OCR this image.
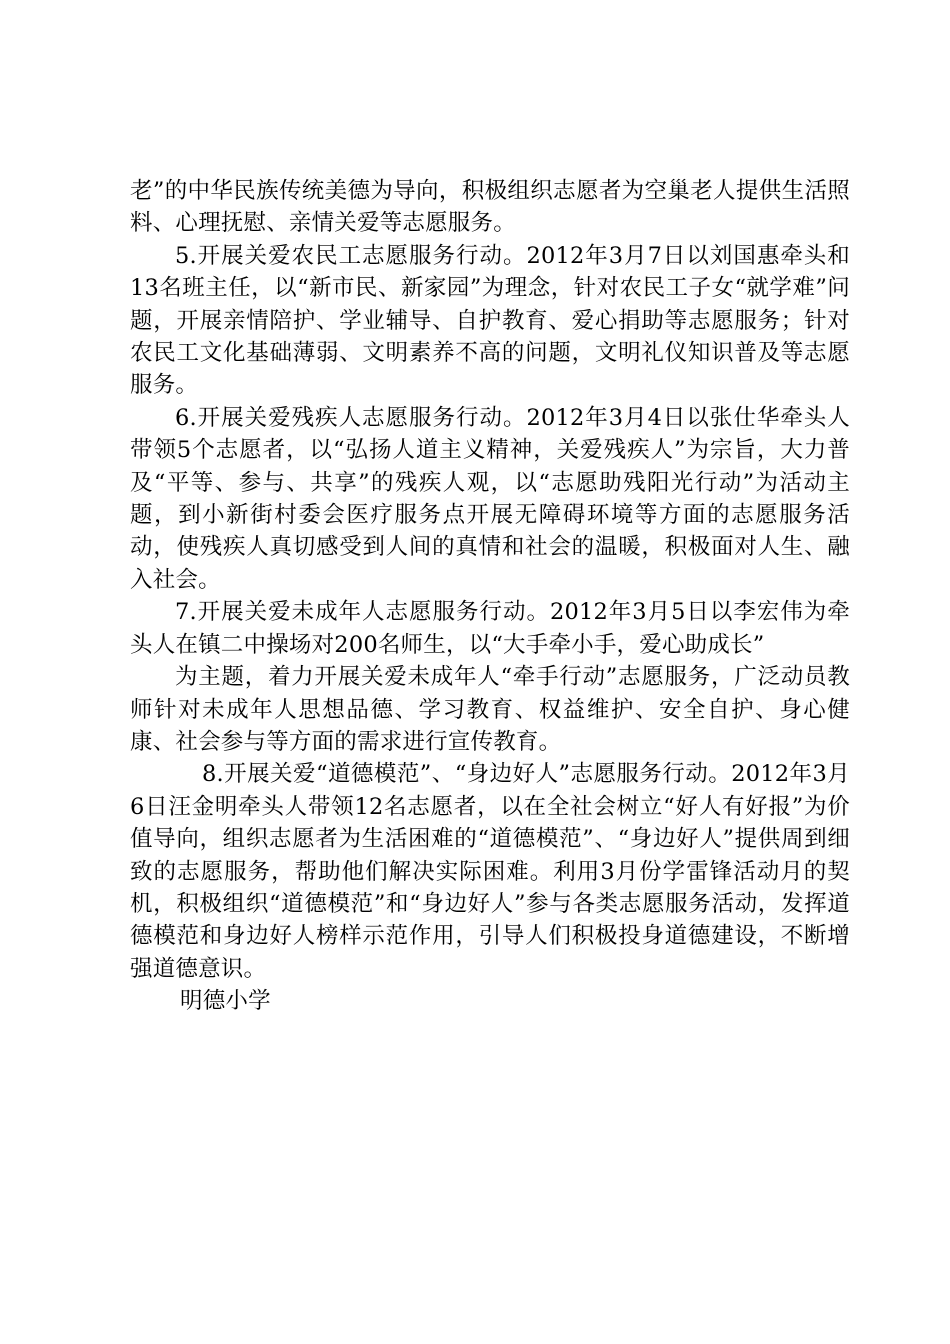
老”的中华民族传统美德为导向，积极组织志愿者为空巢老人提供生活照料、心理抚慰、亲情关爱等志愿服务。

5.开展关爱农民工志愿服务行动。2012年3月7日以刘国惠牵头和13名班主任，以“新市民、新家园”为理念，针对农民工子女“就学难”问题，开展亲情陪护、学业辅导、自护教育、爱心捐助等志愿服务；针对农民工文化基础薄弱、文明素养不高的问题，文明礼仪知识普及等志愿服务。

6.开展关爱残疾人志愿服务行动。2012年3月4日以张仕华牵头人带领5个志愿者，以“弘扬人道主义精神，关爱残疾人”为宗旨，大力普及“平等、参与、共享”的残疾人观，以“志愿助残阳光行动”为活动主题，到小新街村委会医疗服务点开展无障碍环境等方面的志愿服务活动，使残疾人真切感受到人间的真情和社会的温暖，积极面对人生、融入社会。

7.开展关爱未成年人志愿服务行动。2012年3月5日以李宏伟为牵头人在镇二中操场对200名师生，以“大手牵小手，爱心助成长”

为主题，着力开展关爱未成年人“牵手行动”志愿服务，广泛动员教师针对未成年人思想品德、学习教育、权益维护、安全自护、身心健康、社会参与等方面的需求进行宣传教育。

8.开展关爱“道德模范”、“身边好人”志愿服务行动。2012年3月6日汪金明牵头人带领12名志愿者，以在全社会树立“好人有好报”为价值导向，组织志愿者为生活困难的“道德模范”、“身边好人”提供周到细致的志愿服务，帮助他们解决实际困难。利用3月份学雷锋活动月的契机，积极组织“道德模范”和“身边好人”参与各类志愿服务活动，发挥道德模范和身边好人榜样示范作用，引导人们积极投身道德建设，不断增强道德意识。

明德小学
